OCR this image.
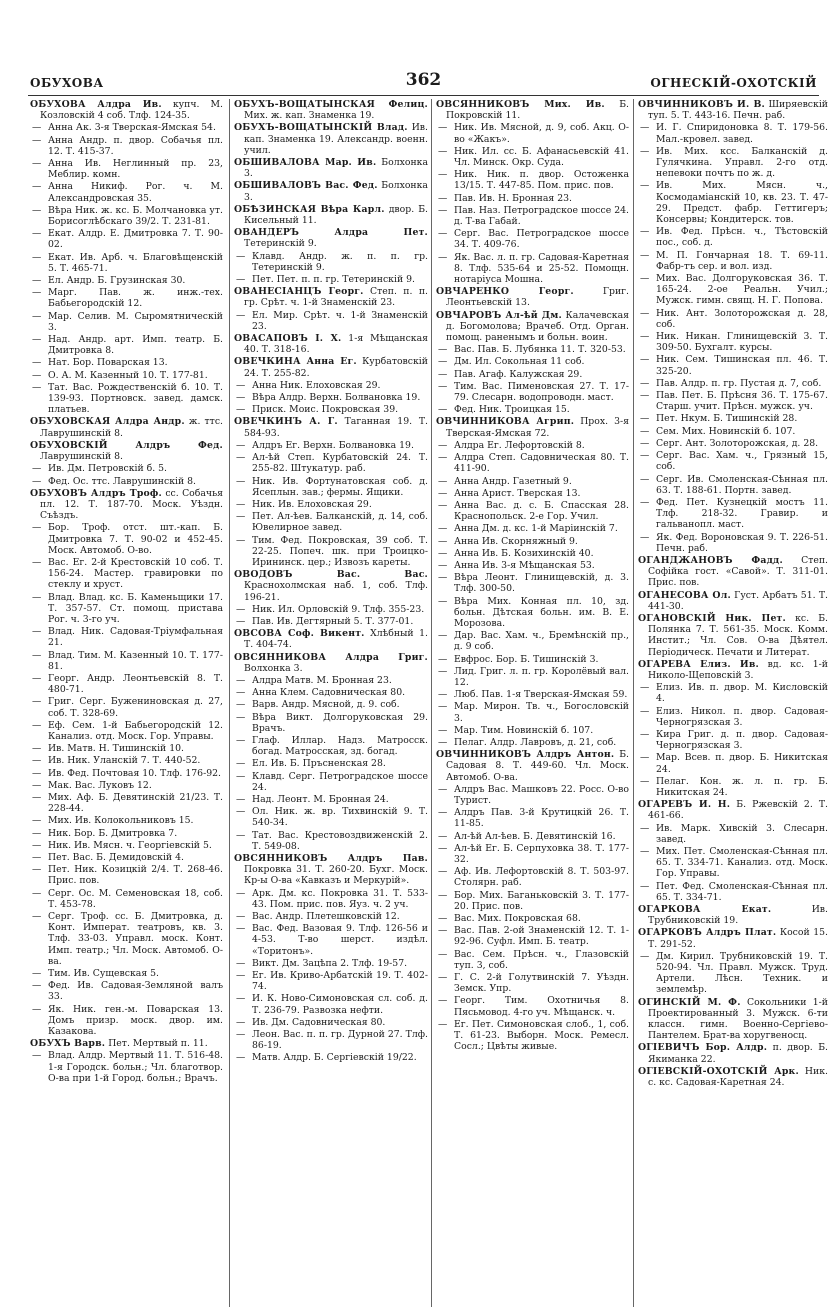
ОБУХОВА	362	ОГНЕСКIЙ-ОХОТСКIЙ

ОБУХОВА Алдра Ив. купч. М. Козловскiй 4 соб. Тлф. 124-35.

— Анна Ак. 3-я Тверская-Ямская 54.

— Анна Андр. п. двор. Собачья пл. 12. Т. 415-37.

— Анна Ив. Неглинный пр. 23, Меблир. комн.

— Анна Никиф. Рог. ч. М. Александровская 35.

— Вѣра Ник. ж. кс. Б. Молчановка ут. Борисоглѣбскаго 39/2. Т. 231-81.

— Екат. Алдр. Е. Дмитровка 7. Т. 90-02.

— Екат. Ив. Арб. ч. Благовѣщенскiй 5. Т. 465-71.

— Ел. Андр. Б. Грузинская 30.

— Марг. Пав. ж. инж.-тех. Бабьегородскiй 12.

— Мар. Селив. М. Сыромятническiй 3.

— Над. Андр. арт. Имп. театр. Б. Дмитровка 8.

— Нат. Бор. Поварская 13.

— О. А. М. Казенный 10. Т. 177-81.

— Тат. Вас. Рождественскiй б. 10. Т. 139-93. Портновск. завед. дамск. платьев.

ОБУХОВСКАЯ Алдра Андр. ж. ттс. Лаврушинскiй 8.

ОБУХОВСКIЙ Алдръ Фед. Лаврушинскiй 8.

— Ив. Дм. Петровскiй б. 5.

— Фед. Ос. ттс. Лаврушинскiй 8.

ОБУХОВЪ Алдръ Троф. сс. Собачья пл. 12. Т. 187-70. Моск. Уѣздн. Съѣздъ.

— Бор. Троф. отст. шт.-кап. Б. Дмитровка 7. Т. 90-02 и 452-45. Моск. Автомоб. О-во.

— Вас. Ег. 2-й Крестовскiй 10 соб. Т. 156-24. Мастер. гравировки по стеклу и хруст.

— Влад. Влад. кс. Б. Каменьщики 17. Т. 357-57. Ст. помощ. пристава Рог. ч. 3-го уч.

— Влад. Ник. Садовая-Трiумфальная 21.

— Влад. Тим. М. Казенный 10. Т. 177-81.

— Георг. Андр. Леонтьевскiй 8. Т. 480-71.

— Григ. Серг. Бужениновская д. 27, соб. Т. 328-69.

— Еф. Сем. 1-й Бабьегородскiй 12. Канализ. отд. Моск. Гор. Управы.

— Ив. Матв. Н. Тишинскiй 10.

— Ив. Ник. Уланскiй 7. Т. 440-52.

— Ив. Фед. Почтовая 10. Тлф. 176-92.

— Мак. Вас. Луковъ 12.

— Мих. Аф. Б. Девятинскiй 21/23. Т. 228-44.

— Мих. Ив. Колокольниковъ 15.

— Ник. Бор. Б. Дмитровка 7.

— Ник. Ив. Мясн. ч. Георгiевскiй 5.

— Пет. Вас. Б. Демидовскiй 4.

— Пет. Ник. Козицкiй 2/4. Т. 268-46. Прис. пов.

— Серг. Ос. М. Семеновская 18, соб. Т. 453-78.

— Серг. Троф. сс. Б. Дмитровка, д. Конт. Императ. театровъ, кв. 3. Тлф. 33-03. Управл. моск. Конт. Имп. театр.; Чл. Моск. Автомоб. О-ва.

— Тим. Ив. Сущевская 5.

— Фед. Ив. Садовая-Земляной валъ 33.

— Як. Ник. ген.-м. Поварская 13. Домъ призр. моск. двор. им. Казакова.

ОБУХЪ Варв. Пет. Мертвый п. 11.

— Влад. Алдр. Мертвый 11. Т. 516-48. 1-я Городск. больн.; Чл. благотвор. О-ва при 1-й Город. больн.; Врачъ.

ОБУХЪ-ВОЩАТЫНСКАЯ Фелиц. Мих. ж. кап. Знаменка 19.

ОБУХЪ-ВОЩАТЫНСКIЙ Влад. Ив. кап. Знаменка 19. Александр. военн. учил.

ОБШИВАЛОВА Мар. Ив. Болхонка 3.

ОБШИВАЛОВЪ Вас. Фед. Болхонка 3.

ОБѢЗИНСКАЯ Вѣра Карл. двор. Б. Кисельный 11.

ОВАНДЕРЪ Алдра Пет. Тетеринскiй 9.

— Клавд. Андр. ж. п. п. гр. Тетеринскiй 9.

— Пет. Пет. п. п. гр. Тетеринскiй 9.

ОВАНЕСIАНЦЪ Георг. Степ. п. п. гр. Срѣт. ч. 1-й Знаменскiй 23.

— Ел. Мир. Срѣт. ч. 1-й Знаменскiй 23.

ОВАСАПОВЪ I. Х. 1-я Мѣщанская 40. Т. 318-16.

ОВЕЧКИНА Анна Ег. Курбатовскiй 24. Т. 255-82.

— Анна Ник. Елоховская 29.

— Вѣра Алдр. Верхн. Болвановка 19.

— Приск. Моис. Покровская 39.

ОВЕЧКИНЪ А. Г. Таганная 19. Т. 584-93.

— Алдръ Ег. Верхн. Болвановка 19.

— Ал-ѣй Степ. Курбатовскiй 24. Т. 255-82. Штукатур. раб.

— Ник. Ив. Фортунатовская соб. д. Ясеплын. зав.; фермы. Ящики.

— Ник. Ив. Елоховская 29.

— Пет. Ал-ѣев. Балканскiй, д. 14, соб. Ювелирное завед.

— Тим. Фед. Покровская, 39 соб. Т. 22-25. Попеч. шк. при Троицко-Ирининск. цер.; Извозъ кареты.

ОВОДОВЪ Вас. Вас. Краснохолмская наб. 1, соб. Тлф. 196-21.

— Ник. Ил. Орловскiй 9. Тлф. 355-23.

— Пав. Ив. Дегтярный 5. Т. 377-01.

ОВСОВА Соф. Викент. Хлѣбный 1. Т. 404-74.

ОВСЯННИКОВА Алдра Григ. Волхонка 3.

— Алдра Матв. М. Бронная 23.

— Анна Клем. Садовническая 80.

— Варв. Андр. Мясной, д. 9. соб.

— Вѣра Викт. Долгоруковская 29. Врачъ.

— Глаф. Иллар. Надз. Матросск. богад. Матросская, зд. богад.

— Ел. Ив. Б. Пръсненская 28.

— Клавд. Серг. Петроградское шоссе 24.

— Над. Леонт. М. Бронная 24.

— Ол. Ник. ж. вр. Тихвинскiй 9. Т. 540-34.

— Тат. Вас. Крестовоздвиженскiй 2. Т. 549-08.

ОВСЯННИКОВЪ Алдръ Пав. Покровка 31. Т. 260-20. Бухг. Моск. Кр-ы О-ва «Кавказъ и Меркурiй».

— Арк. Дм. кс. Покровка 31. Т. 533-43. Пом. прис. пов. Яуз. ч. 2 уч.

— Вас. Андр. Плетешковскiй 12.

— Вас. Фед. Вазовая 9. Тлф. 126-56 и 4-53. Т-во шерст. издѣл. «Торитонъ».

— Викт. Дм. Зацѣпа 2. Тлф. 19-57.

— Ег. Ив. Криво-Арбатскiй 19. Т. 402-74.

— И. К. Ново-Симоновская сл. соб. д. Т. 236-79. Развозка нефти.

— Ив. Дм. Садовническая 80.

— Леон. Вас. п. п. гр. Дурной 27. Тлф. 86-19.

— Матв. Алдр. Б. Сергiевскiй 19/22.

ОВСЯННИКОВЪ Мих. Ив. Б. Покровскiй 11.

— Ник. Ив. Мясной, д. 9, соб. Акц. О-во «Жакъ».

— Ник. Ил. сс. Б. Афанасьевскiй 41. Чл. Минск. Окр. Суда.

— Ник. Ник. п. двор. Остоженка 13/15. Т. 447-85. Пом. прис. пов.

— Пав. Ив. Н. Бронная 23.

— Пав. Наз. Петроградское шоссе 24. д. Т-ва Габай.

— Серг. Вас. Петроградское шоссе 34. Т. 409-76.

— Як. Вас. л. п. гр. Садовая-Каретная 8. Тлф. 535-64 и 25-52. Помощн. нотарiуса Мошна.

ОВЧАРЕНКО Георг.	Григ. Леонтьевскiй 13.

ОВЧАРОВЪ Ал-ѣй Дм. Калачевская д. Богомолова; Врачеб. Отд. Орган. помощ. раненымъ и больн. воин.

— Вас. Пав. Б. Лубянка 11. Т. 320-53.

— Дм. Ил. Сокольная 11 соб.

— Пав. Агаф. Калужская 29.

— Тим. Вас. Пименовская 27. Т. 17-79. Слесарн. водопроводн. маст.

— Фед. Ник. Троицкая 15.

ОВЧИННИКОВА Агрип. Прох. 3-я Тверская-Ямская 72.

— Алдра Ег. Лефортовскiй 8.

— Алдра Степ. Садовническая 80. Т. 411-90.

— Анна Андр. Газетный 9.

— Анна Арист. Тверская 13.

— Анна Вас. д. с. Б. Спасская 28. Краснопольск. 2-е Гор. Учил.

— Анна Дм. д. кс. 1-й Марiинскiй 7.

— Анна Ив. Скорняжный 9.

— Анна Ив. Б. Козихинскiй 40.

— Анна Ив. 3-я Мѣщанская 53.

— Вѣра Леонт. Глинищевскiй, д. 3. Тлф. 300-50.

— Вѣра Мих. Конная пл. 10, зд. больн. Дѣтская больн. им. В. Е. Морозова.

— Дар. Вас. Хам. ч., Бремѣнскiй пр., д. 9 соб.

— Евфрос. Бор. Б. Тишинскiй 3.

— Лид. Григ. л. п. гр. Королёвый вал. 12.

— Люб. Пав. 1-я Тверская-Ямская 59.

— Мар. Мирон. Тв. ч., Богословскiй 3.

— Мар. Тим. Новинскiй б. 107.

— Пелаг. Алдр. Лавровъ, д. 21, соб.

ОВЧИННИКОВЪ Алдръ Антон. Б. Садовая 8. Т. 449-60. Чл. Моск. Автомоб. О-ва.

— Алдръ Вас. Машковъ 22. Росс. О-во Турист.

— Алдръ Пав. 3-й Крутицкiй 26. Т. 11-85.

— Ал-ѣй Ал-ѣев. Б. Девятинскiй 16.

— Ал-ѣй Ег. Б. Серпуховка 38. Т. 177-32.

— Аф. Ив. Лефортовскiй 8. Т. 503-97. Столярн. раб.

— Бор. Мих. Баганьковскiй 3. Т. 177-20. Прис. пов.

— Вас. Мих. Покровская 68.

— Вас. Пав. 2-ой Знаменскiй 12. Т. 1-92-96. Суфл. Имп. Б. театр.

— Вас. Сем. Прѣсн. ч., Глазовскiй туп. 3, соб.

— Г. С. 2-й Голутвинскiй 7. Уѣздн. Земск. Упр.

— Георг. Тим. Охотничья 8. Пясьмовод. 4-го уч. Мѣщанск. ч.

— Ег. Пет. Симоновская слоб., 1, соб. Т. 61-23. Выборн. Моск. Ремесл. Сосл.; Цвѣты живые.

ОВЧИННИКОВЪ И. В. Ширяевскiй туп. 5. Т. 443-16. Печн. раб.

— И. Г. Спиридоновка 8. Т. 179-56. Мал.-кровел. завед.

— Ив. Мих. ксс. Балканскiй д. Гулячкина. Управл. 2-го отд. непевоки почтъ по ж. д.

— Ив. Мих. Мясн. ч., Космодамiанскiй 10, кв. 23. Т. 47-29. Предст. фабр. Геттигеръ; Консервы; Кондитерск. тов.

— Ив. Фед. Прѣсн. ч., Тѣстовскiй пос., соб. д.

— М. П. Гончарная 18. Т. 69-11. Фабр-тъ сер. и вол. изд.

— Мих. Вас. Долгоруковская 36. Т. 165-24. 2-ое Реальн. Учил.; Мужск. гимн. свящ. Н. Г. Попова.

— Ник. Ант. Золоторожская д. 28, соб.

— Ник. Никан. Глинищевскiй 3. Т. 309-50. Бухгалт. курсы.

— Ник. Сем. Тишинская пл. 46. Т. 325-20.

— Пав. Алдр. п. гр. Пустая д. 7, соб.

— Пав. Пет. Б. Прѣсня 36. Т. 175-67. Старш. учит. Прѣсн. мужск. уч.

— Пет. Нкум. Б. Тишинскiй 28.

— Сем. Мих. Новинскiй б. 107.

— Серг. Ант. Золоторожская, д. 28.

— Серг. Вас. Хам. ч., Грязный 15, соб.

— Серг. Ив. Смоленская-Сѣнная пл. 63. Т. 188-61. Портн. завед.

— Фед. Пет. Кузнецкiй мостъ 11. Тлф. 218-32. Гравир. и гальванопл. маст.

— Як. Фед. Вороновская 9. Т. 226-51. Печн. раб.

ОГАНДЖАНОВЪ Фадд. Степ. Софiйка гост. «Савой». Т. 311-01. Прис. пов.

ОГАНЕСОВА Ол. Густ. Арбатъ 51. Т. 441-30.

ОГАНОВСКIЙ Ник. Пет. кс. Б. Полянка 7. Т. 561-35. Моск. Комм. Инстит.; Чл. Сов. О-ва Дѣятел. Перiодическ. Печати и Литерат.

ОГАРЕВА Елиз. Ив. вд. кс. 1-й Николо-Щеповскiй 3.

— Елиз. Ив. п. двор. М. Кисловскiй 4.

— Елиз. Никол. п. двор. Садовая-Черногрязская 3.

— Кира Григ. д. п. двор. Садовая-Черногрязская 3.

— Мар. Всев. п. двор. Б. Никитская 24.

— Пелаг. Кон. ж. л. п. гр. Б. Никитская 24.

ОГАРЕВЪ И. Н. Б. Ржевскiй 2. Т. 461-66.

— Ив. Марк. Хивскiй 3. Слесарн. завед.

— Мих. Пет. Смоленская-Сѣнная пл. 65. Т. 334-71. Канализ. отд. Моск. Гор. Управы.

— Пет. Фед. Смоленская-Сѣнная пл. 65. Т. 334-71.

ОГАРКОВА Екат.	Ив. Трубниковскiй 19.

ОГАРКОВЪ Алдръ Плат. Косой 15. Т. 291-52.

— Дм. Кирил. Трубниковскiй 19. Т. 520-94. Чл. Правл. Мужск. Труд. Артели. Лѣсн. Техник. и землемѣр.

ОГИНСКIЙ М. Ф. Сокольники 1-й Проектированный 3. Мужск. 6-ти классн. гимн. Военно-Сергiево-Пантелем. Брат-ва хоругвеносц.

ОГIЕВИЧЪ Бор. Алдр. п. двор. Б. Якиманка 22.

ОГIЕВСКIЙ-ОХОТСКIЙ Арк. Ник. с. кс. Садовая-Каретная 24.
